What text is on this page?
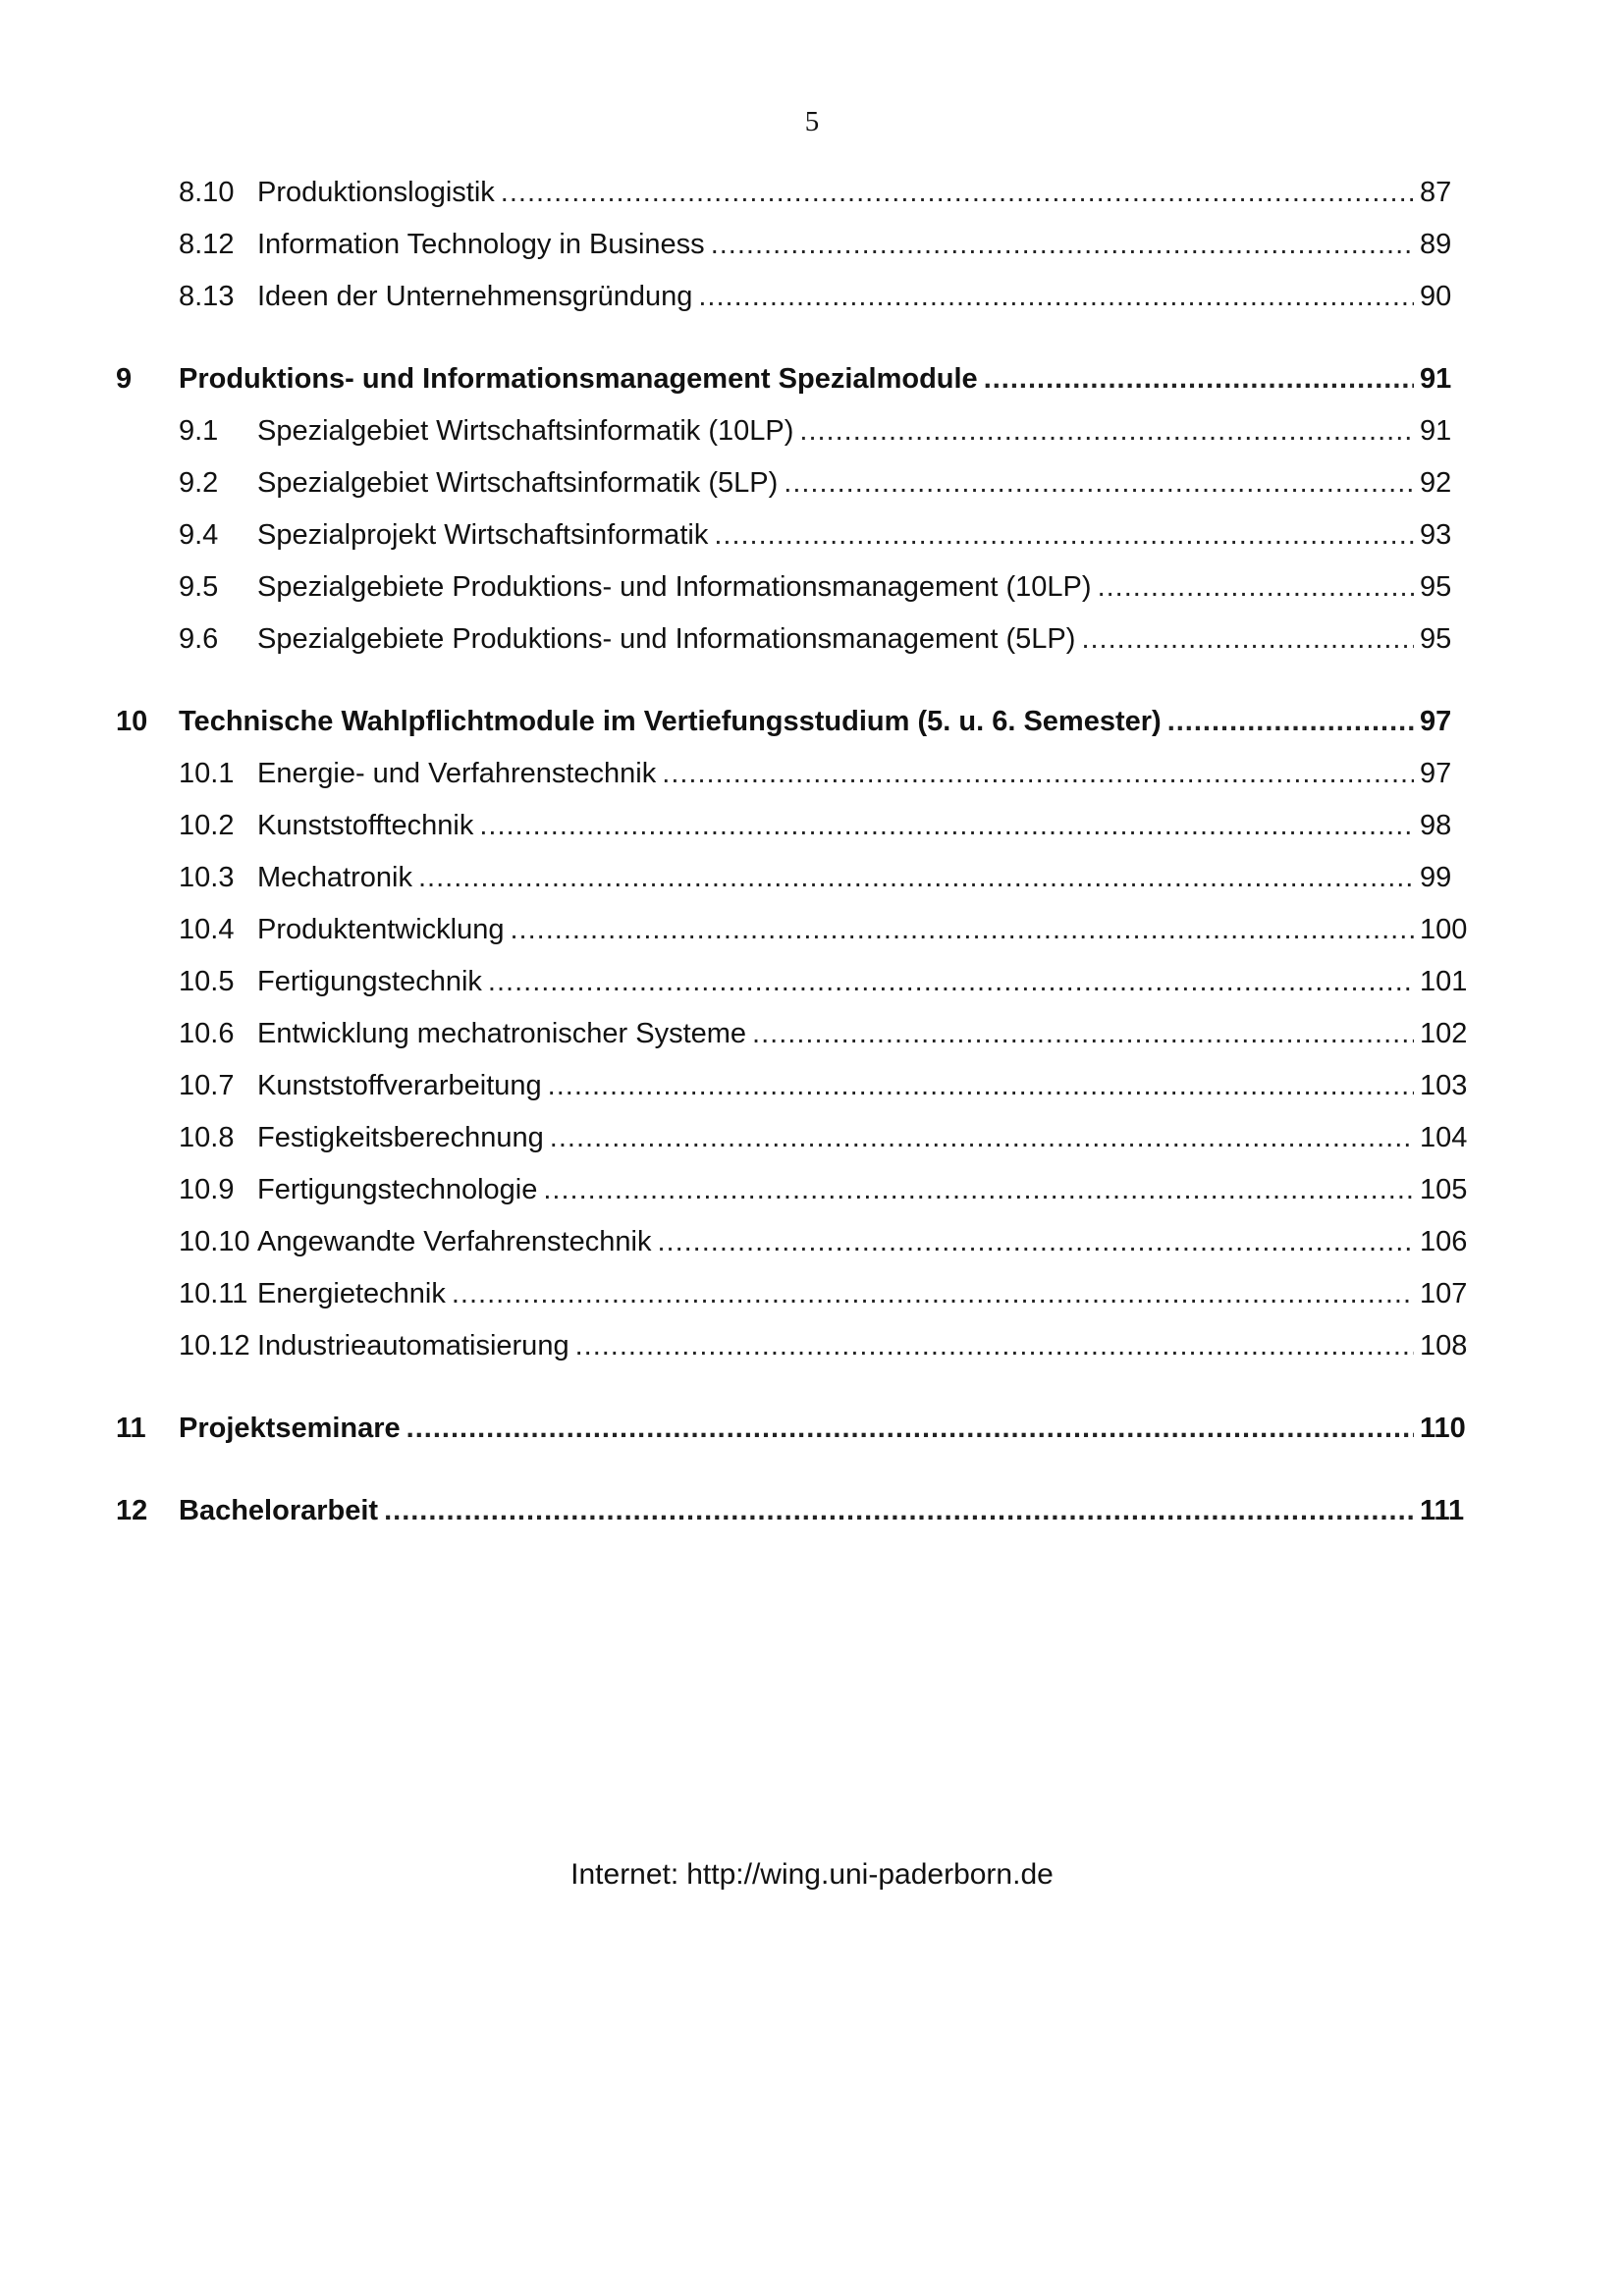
5
8.10 Produktionslogistik .....	87
8.12 Information Technology in Business .....	89
8.13 Ideen der Unternehmensgründung .....	90
9	Produktions- und Informationsmanagement Spezialmodule .....	91
9.1	Spezialgebiet Wirtschaftsinformatik (10LP) .....	91
9.2	Spezialgebiet Wirtschaftsinformatik (5LP) .....	92
9.4	Spezialprojekt Wirtschaftsinformatik .....	93
9.5	Spezialgebiete Produktions- und Informationsmanagement (10LP) .....	95
9.6	Spezialgebiete Produktions- und Informationsmanagement (5LP) .....	95
10	Technische Wahlpflichtmodule im Vertiefungsstudium (5. u. 6. Semester) .....	97
10.1 Energie- und Verfahrenstechnik .....	97
10.2 Kunststofftechnik .....	98
10.3 Mechatronik .....	99
10.4 Produktentwicklung .....	100
10.5 Fertigungstechnik .....	101
10.6 Entwicklung mechatronischer Systeme .....	102
10.7 Kunststoffverarbeitung .....	103
10.8 Festigkeitsberechnung .....	104
10.9 Fertigungstechnologie .....	105
10.10 Angewandte Verfahrenstechnik .....	106
10.11 Energietechnik .....	107
10.12 Industrieautomatisierung .....	108
11	Projektseminare .....	110
12	Bachelorarbeit .....	111
Internet: http://wing.uni-paderborn.de
